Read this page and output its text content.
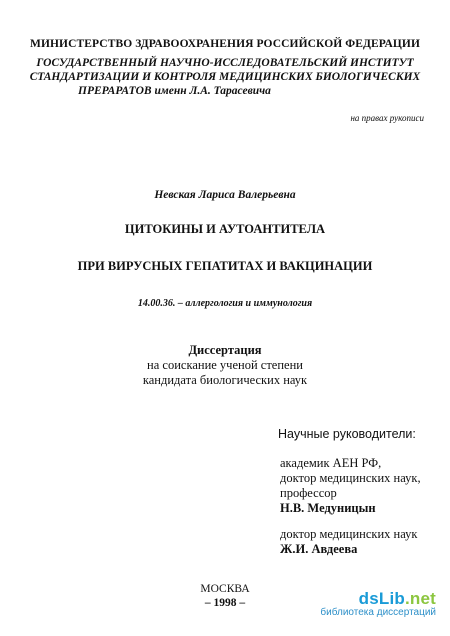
МИНИСТЕРСТВО ЗДРАВООХРАНЕНИЯ РОССИЙСКОЙ ФЕДЕРАЦИИ
ГОСУДАРСТВЕННЫЙ НАУЧНО-ИССЛЕДОВАТЕЛЬСКИЙ ИНСТИТУТ
СТАНДАРТИЗАЦИИ И КОНТРОЛЯ МЕДИЦИНСКИХ БИОЛОГИЧЕСКИХ
ПРЕРАРАТОВ именн Л.А. Тарасевича
на правах рукописи
Невская Лариса Валерьевна
ЦИТОКИНЫ И АУТОАНТИТЕЛА
ПРИ ВИРУСНЫХ ГЕПАТИТАХ И ВАКЦИНАЦИИ
14.00.36. – аллергология и иммунология
Диссертация
на соискание ученой степени
кандидата биологических наук
Научные руководители:
академик АЕН РФ,
доктор медицинских наук,
профессор
Н.В. Медуницын
доктор медицинских наук
Ж.И. Авдеева
МОСКВА
– 1998 –	dsLib.net
библиотека диссертаций
